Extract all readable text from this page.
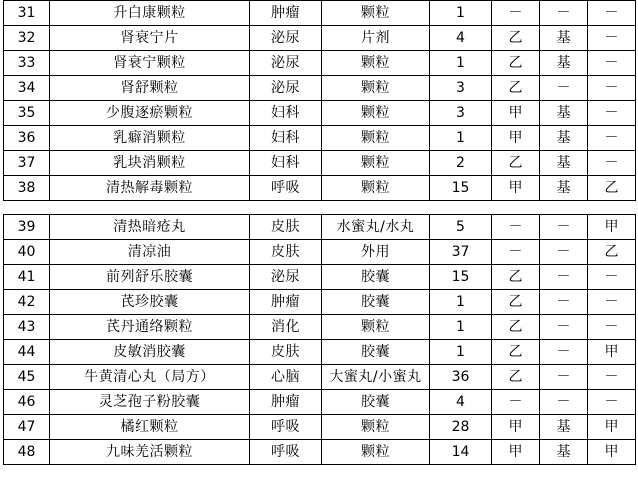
31	升白康颗粒	肿瘤	颗粒	1	－	－	－
32	肾衰宁片	泌尿	片剂	4	乙	基	－
33	肾衰宁颗粒	泌尿	颗粒	1	乙	基	－
34	肾舒颗粒	泌尿	颗粒	3	乙	－	－
35	少腹逐瘀颗粒	妇科	颗粒	3	甲	基	－
36	乳癖消颗粒	妇科	颗粒	1	甲	基	－
37	乳块消颗粒	妇科	颗粒	2	乙	基	－
38	清热解毒颗粒	呼吸	颗粒	15	甲	基	乙
39	清热暗疮丸	皮肤	水蜜丸/水丸	5	－	－	甲
40	清凉油	皮肤	外用	37	－	－	乙
41	前列舒乐胶囊	泌尿	胶囊	15	乙	－	－
42	芪珍胶囊	肿瘤	胶囊	1	乙	－	－
43	芪丹通络颗粒	消化	颗粒	1	乙	－	－
44	皮敏消胶囊	皮肤	胶囊	1	乙	－	甲
45	牛黄清心丸（局方）	心脑	大蜜丸/小蜜丸	36	乙	－	－
46	灵芝孢子粉胶囊	肿瘤	胶囊	4	－	－	－
47	橘红颗粒	呼吸	颗粒	28	甲	基	甲
48	九味羌活颗粒	呼吸	颗粒	14	甲	基	甲
